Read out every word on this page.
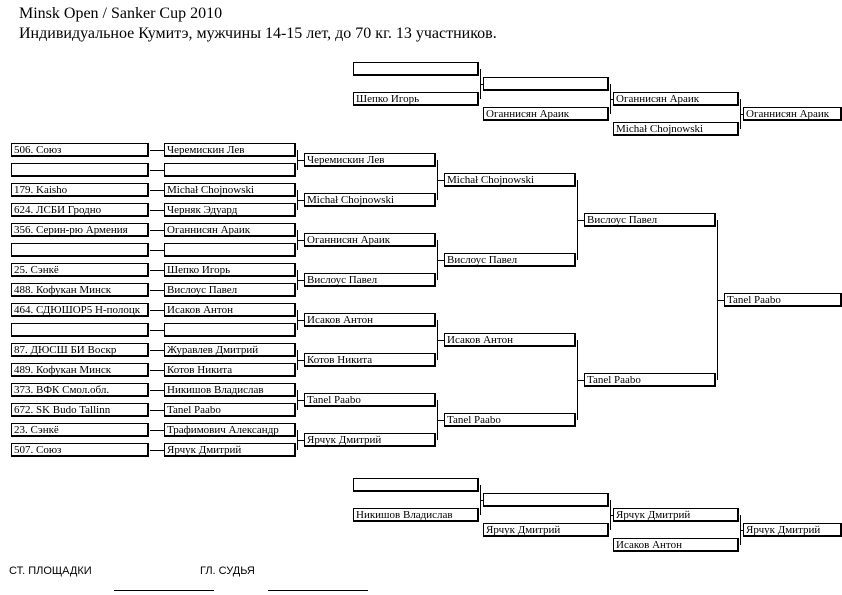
Minsk Open / Sanker Cup 2010
Индивидуальное Кумитэ, мужчины 14-15 лет, до 70 кг. 13 участников.
Шепко Игорь
Оганнисян Араик
Оганнисян Араик
Michał Chojnowski
Оганнисян Араик
506. Союз
179. Kaisho
624. ЛСБИ Гродно
356. Серин-рю Армения
25. Сэнкё
488. Кофукан Минск
464. СДЮШОР5 Н-полоцк
87. ДЮСШ БИ Воскр
489. Кофукан Минск
373. ВФК Смол.обл.
672. SK Budo Tallinn
23. Сэнкё
507. Союз
Черемискин Лев
Michał Chojnowski
Черняк Эдуард
Оганнисян Араик
Шепко Игорь
Вислоус Павел
Исаков Антон
Журавлев Дмитрий
Котов Никита
Никишов Владислав
Tanel Paabo
Трафимович Александр
Ярчук Дмитрий
Черемискин Лев
Michał Chojnowski
Оганнисян Араик
Вислоус Павел
Исаков Антон
Котов Никита
Tanel Paabo
Ярчук Дмитрий
Michał Chojnowski
Вислоус Павел
Исаков Антон
Tanel Paabo
Вислоус Павел
Tanel Paabo
Tanel Paabo
Никишов Владислав
Ярчук Дмитрий
Ярчук Дмитрий
Исаков Антон
Ярчук Дмитрий
СТ. ПЛОЩАДКИ	ГЛ. СУДЬЯ
